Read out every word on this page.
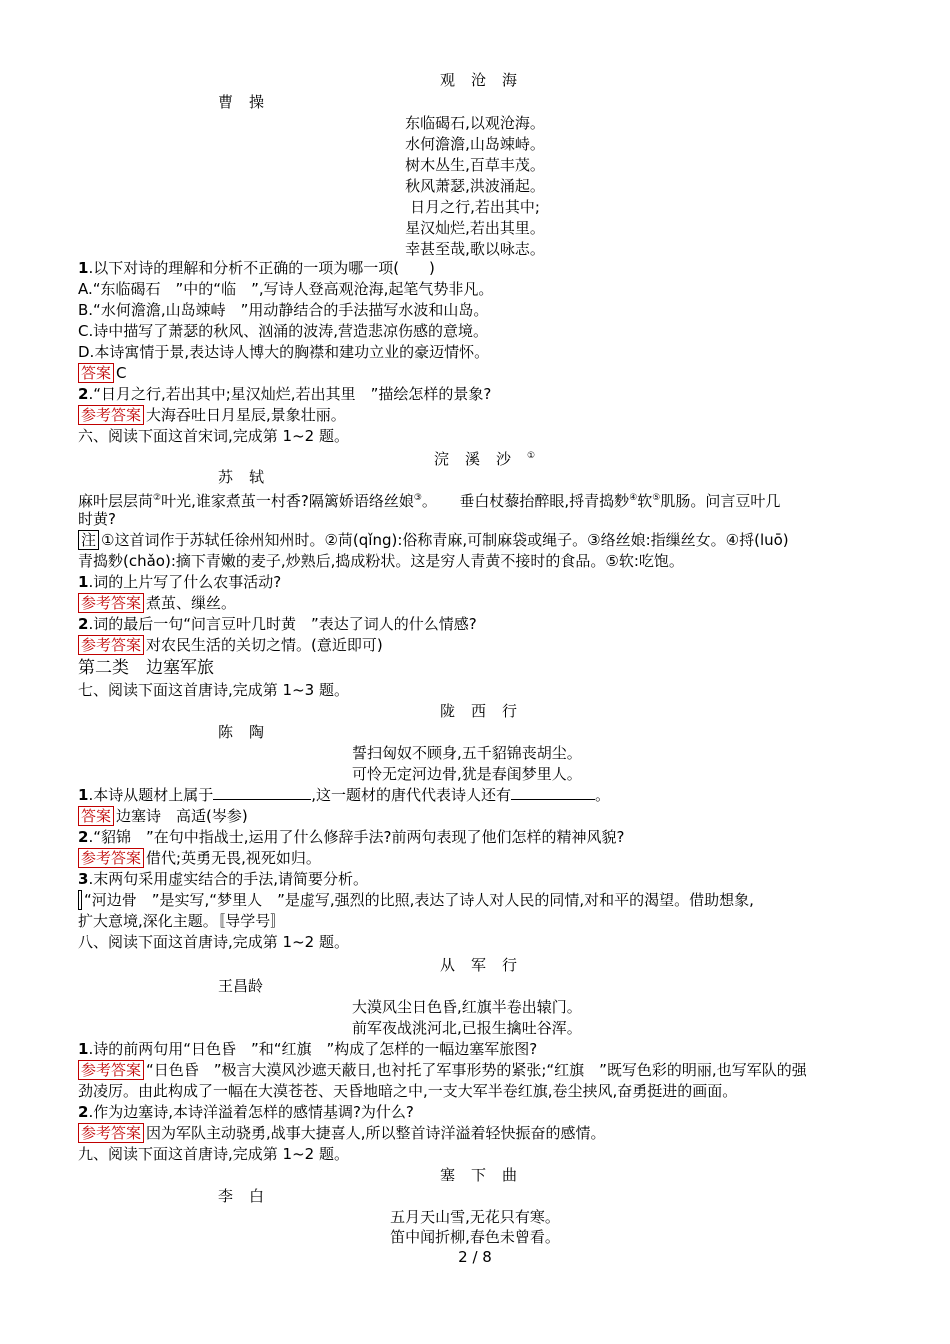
观沧海
曹操
东临碣石,以观沧海。
水何澹澹,山岛竦峙。
树木丛生,百草丰茂。
秋风萧瑟,洪波涌起。
日月之行,若出其中;
星汉灿烂,若出其里。
幸甚至哉,歌以咏志。
1.以下对诗的理解和分析不正确的一项为哪一项(　　)
A.“东临碣石　”中的“临　”,写诗人登高观沧海,起笔气势非凡。
B.“水何澹澹,山岛竦峙　”用动静结合的手法描写水波和山岛。
C.诗中描写了萧瑟的秋风、汹涌的波涛,营造悲凉伤感的意境。
D.本诗寓情于景,表达诗人博大的胸襟和建功立业的豪迈情怀。
答案 C
2.“日月之行,若出其中;星汉灿烂,若出其里　”描绘怎样的景象?
参考答案 大海吞吐日月星辰,景象壮丽。
六、阅读下面这首宋词,完成第 1~2 题。
浣溪沙①
苏轼
麻叶层层苘②叶光,谁家煮茧一村香?隔篱娇语络丝娘③。　　垂白杖藜抬醉眼,捋青捣麨④软⑤肌肠。问言豆叶几
时黄?
注 ①这首词作于苏轼任徐州知州时。②苘(qǐng):俗称青麻,可制麻袋或绳子。③络丝娘:指缫丝女。④捋(luō)
青捣麨(chǎo):摘下青嫩的麦子,炒熟后,捣成粉状。这是穷人青黄不接时的食品。⑤软:吃饱。
1.词的上片写了什么农事活动?
参考答案 煮茧、缫丝。
2.词的最后一句“问言豆叶几时黄　”表达了词人的什么情感?
参考答案 对农民生活的关切之情。(意近即可)
第二类　边塞军旅
七、阅读下面这首唐诗,完成第 1~3 题。
陇西行
陈陶
誓扫匈奴不顾身,五千貂锦丧胡尘。
可怜无定河边骨,犹是春闺梦里人。
1.本诗从题材上属于	,这一题材的唐代代表诗人还有	。
答案 边塞诗　高适(岑参)
2.“貂锦　”在句中指战士,运用了什么修辞手法?前两句表现了他们怎样的精神风貌?
参考答案 借代;英勇无畏,视死如归。
3.末两句采用虚实结合的手法,请简要分析。
“河边骨　”是实写,“梦里人　”是虚写,强烈的比照,表达了诗人对人民的同情,对和平的渴望。借助想象,
扩大意境,深化主题。〚导学号〛
八、阅读下面这首唐诗,完成第 1~2 题。
从军行
王昌龄
大漠风尘日色昏,红旗半卷出辕门。
前军夜战洮河北,已报生擒吐谷浑。
1.诗的前两句用“日色昏　”和“红旗　”构成了怎样的一幅边塞军旅图?
参考答案 “日色昏　”极言大漠风沙遮天蔽日,也衬托了军事形势的紧张;“红旗　”既写色彩的明丽,也写军队的强
劲凌厉。由此构成了一幅在大漠苍苍、天昏地暗之中,一支大军半卷红旗,卷尘挟风,奋勇挺进的画面。
2.作为边塞诗,本诗洋溢着怎样的感情基调?为什么?
参考答案 因为军队主动骁勇,战事大捷喜人,所以整首诗洋溢着轻快振奋的感情。
九、阅读下面这首唐诗,完成第 1~2 题。
塞下曲
李白
五月天山雪,无花只有寒。
笛中闻折柳,春色未曾看。
2 / 8
